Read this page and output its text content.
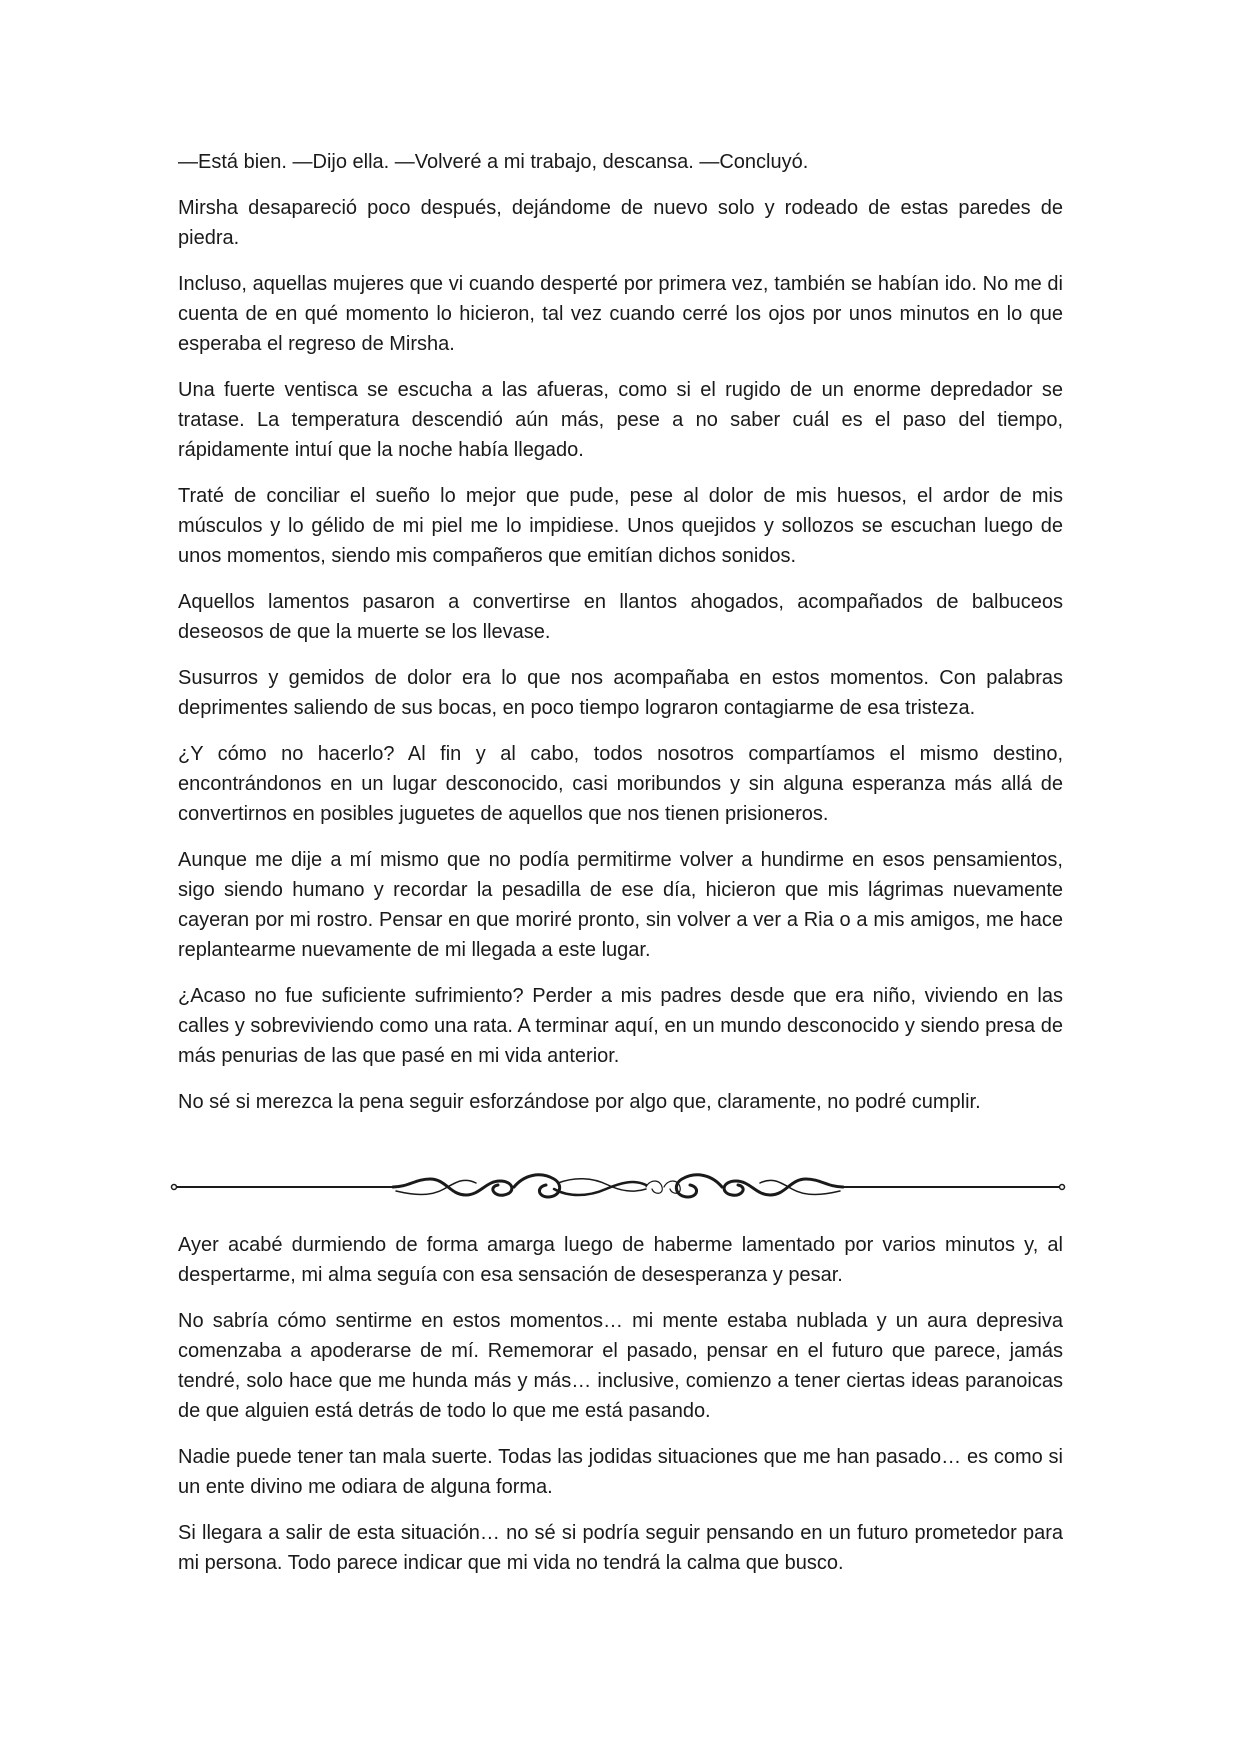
—Está bien. —Dijo ella. —Volveré a mi trabajo, descansa. —Concluyó.

Mirsha desapareció poco después, dejándome de nuevo solo y rodeado de estas paredes de piedra.

Incluso, aquellas mujeres que vi cuando desperté por primera vez, también se habían ido. No me di cuenta de en qué momento lo hicieron, tal vez cuando cerré los ojos por unos minutos en lo que esperaba el regreso de Mirsha.

Una fuerte ventisca se escucha a las afueras, como si el rugido de un enorme depredador se tratase. La temperatura descendió aún más, pese a no saber cuál es el paso del tiempo, rápidamente intuí que la noche había llegado.

Traté de conciliar el sueño lo mejor que pude, pese al dolor de mis huesos, el ardor de mis músculos y lo gélido de mi piel me lo impidiese. Unos quejidos y sollozos se escuchan luego de unos momentos, siendo mis compañeros que emitían dichos sonidos.

Aquellos lamentos pasaron a convertirse en llantos ahogados, acompañados de balbuceos deseosos de que la muerte se los llevase.

Susurros y gemidos de dolor era lo que nos acompañaba en estos momentos. Con palabras deprimentes saliendo de sus bocas, en poco tiempo lograron contagiarme de esa tristeza.

¿Y cómo no hacerlo? Al fin y al cabo, todos nosotros compartíamos el mismo destino, encontrándonos en un lugar desconocido, casi moribundos y sin alguna esperanza más allá de convertirnos en posibles juguetes de aquellos que nos tienen prisioneros.

Aunque me dije a mí mismo que no podía permitirme volver a hundirme en esos pensamientos, sigo siendo humano y recordar la pesadilla de ese día, hicieron que mis lágrimas nuevamente cayeran por mi rostro. Pensar en que moriré pronto, sin volver a ver a Ria o a mis amigos, me hace replantearme nuevamente de mi llegada a este lugar.

¿Acaso no fue suficiente sufrimiento? Perder a mis padres desde que era niño, viviendo en las calles y sobreviviendo como una rata. A terminar aquí, en un mundo desconocido y siendo presa de más penurias de las que pasé en mi vida anterior.

No sé si merezca la pena seguir esforzándose por algo que, claramente, no podré cumplir.

Ayer acabé durmiendo de forma amarga luego de haberme lamentado por varios minutos y, al despertarme, mi alma seguía con esa sensación de desesperanza y pesar.

No sabría cómo sentirme en estos momentos… mi mente estaba nublada y un aura depresiva comenzaba a apoderarse de mí. Rememorar el pasado, pensar en el futuro que parece, jamás tendré, solo hace que me hunda más y más… inclusive, comienzo a tener ciertas ideas paranoicas de que alguien está detrás de todo lo que me está pasando.

Nadie puede tener tan mala suerte. Todas las jodidas situaciones que me han pasado… es como si un ente divino me odiara de alguna forma.

Si llegara a salir de esta situación… no sé si podría seguir pensando en un futuro prometedor para mi persona. Todo parece indicar que mi vida no tendrá la calma que busco.
